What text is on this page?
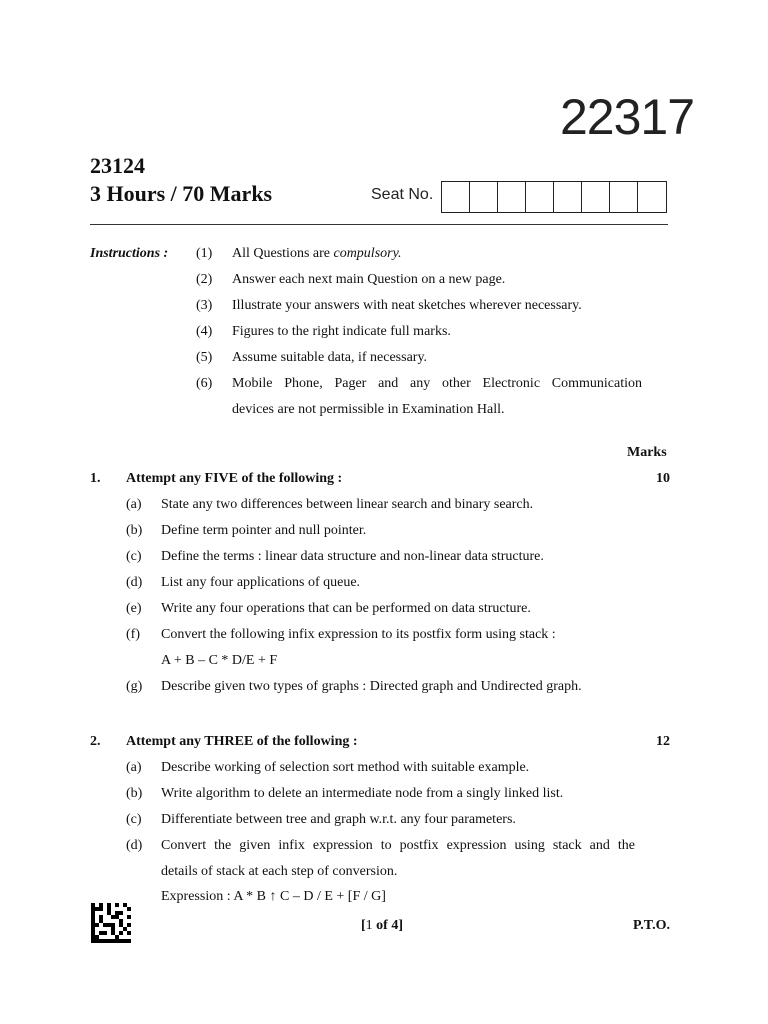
22317
23124
3 Hours / 70 Marks	Seat No.
Instructions : (1) All Questions are compulsory.
(2) Answer each next main Question on a new page.
(3) Illustrate your answers with neat sketches wherever necessary.
(4) Figures to the right indicate full marks.
(5) Assume suitable data, if necessary.
(6) Mobile Phone, Pager and any other Electronic Communication
devices are not permissible in Examination Hall.
Marks
1. Attempt any FIVE of the following :	10
(a) State any two differences between linear search and binary search.
(b) Define term pointer and null pointer.
(c) Define the terms : linear data structure and non-linear data structure.
(d) List any four applications of queue.
(e) Write any four operations that can be performed on data structure.
(f) Convert the following infix expression to its postfix form using stack :
A + B – C * D/E + F
(g) Describe given two types of graphs : Directed graph and Undirected graph.
2. Attempt any THREE of the following :	12
(a) Describe working of selection sort method with suitable example.
(b) Write algorithm to delete an intermediate node from a singly linked list.
(c) Differentiate between tree and graph w.r.t. any four parameters.
(d) Convert the given infix expression to postfix expression using stack and the
details of stack at each step of conversion.
Expression : A * B ↑ C – D / E + [F / G]
[1 of 4]	P.T.O.
